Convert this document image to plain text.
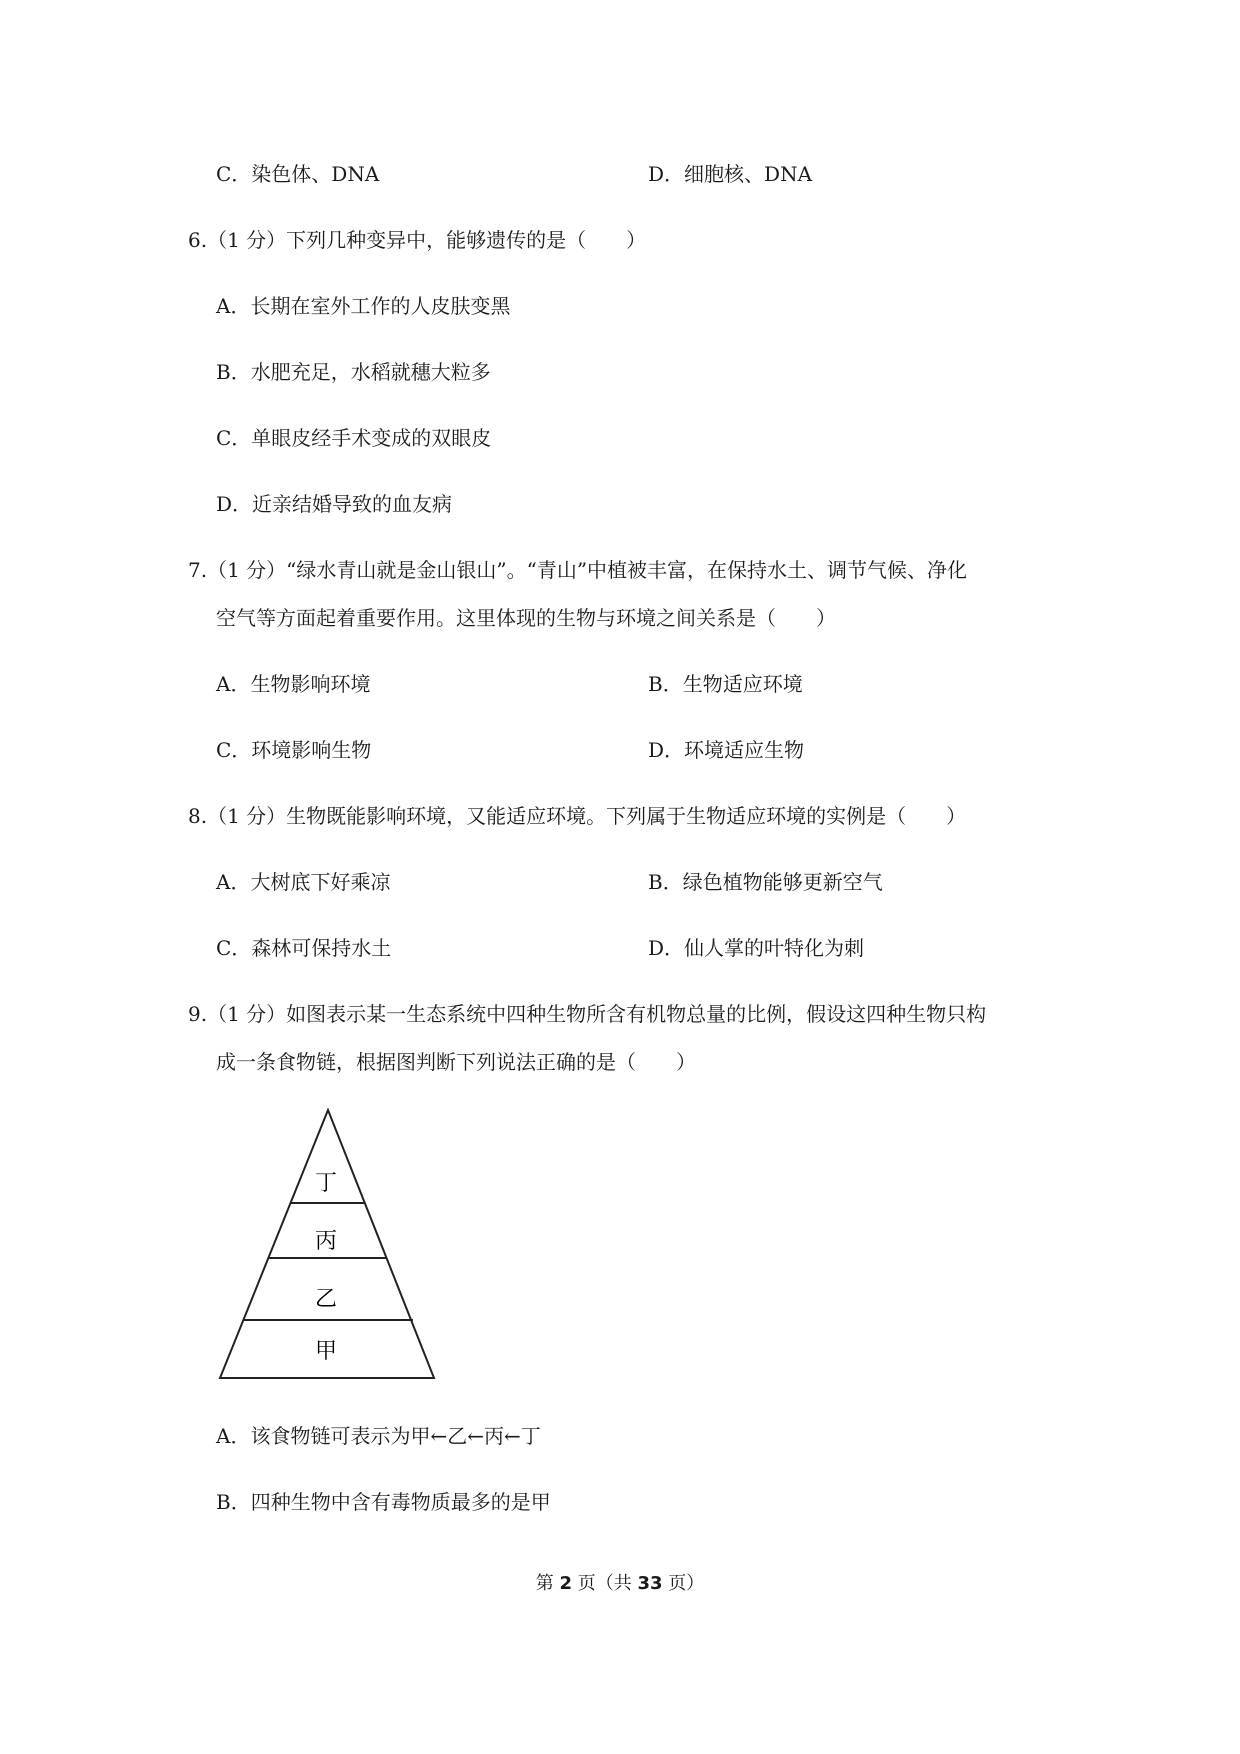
C．染色体、DNA	D．细胞核、DNA
6.（1 分）下列几种变异中，能够遗传的是（　　）
A．长期在室外工作的人皮肤变黑
B．水肥充足，水稻就穗大粒多
C．单眼皮经手术变成的双眼皮
D．近亲结婚导致的血友病
7.（1 分）“绿水青山就是金山银山”。“青山”中植被丰富，在保持水土、调节气候、净化
空气等方面起着重要作用。这里体现的生物与环境之间关系是（　　）
A．生物影响环境	B．生物适应环境
C．环境影响生物	D．环境适应生物
8.（1 分）生物既能影响环境，又能适应环境。下列属于生物适应环境的实例是（　　）
A．大树底下好乘凉	B．绿色植物能够更新空气
C．森林可保持水土	D．仙人掌的叶特化为刺
9.（1 分）如图表示某一生态系统中四种生物所含有机物总量的比例，假设这四种生物只构
成一条食物链，根据图判断下列说法正确的是（　　）
丁
丙
乙
甲
A．该食物链可表示为甲←乙←丙←丁
B．四种生物中含有毒物质最多的是甲
第 2 页（共 33 页）
